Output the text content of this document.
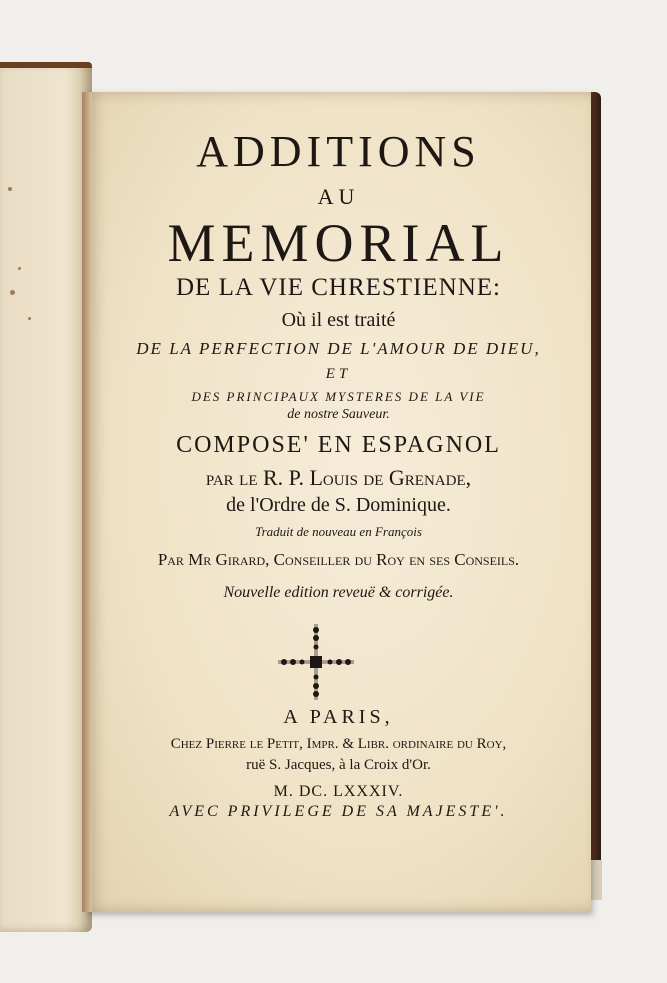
ADDITIONS
AU
MEMORIAL
DE LA VIE CHRESTIENNE:
Où il est traité
DE LA PERFECTION DE L'AMOUR DE DIEU,
ET
DES PRINCIPAUX MYSTERES DE LA VIE
de nostre Sauveur.
COMPOSE' EN ESPAGNOL
par le R. P. Louis de Grenade,
de l'Ordre de S. Dominique.
Traduit de nouveau en François
Par Mr Girard, Conseiller du Roy en ses Conseils.
Nouvelle edition reveuë & corrigée.
A PARIS,
Chez Pierre le Petit, Impr. & Libr. ordinaire du Roy,
ruë S. Jacques, à la Croix d'Or.
M. DC. LXXXIV.
AVEC PRIVILEGE DE SA MAJESTE'.
